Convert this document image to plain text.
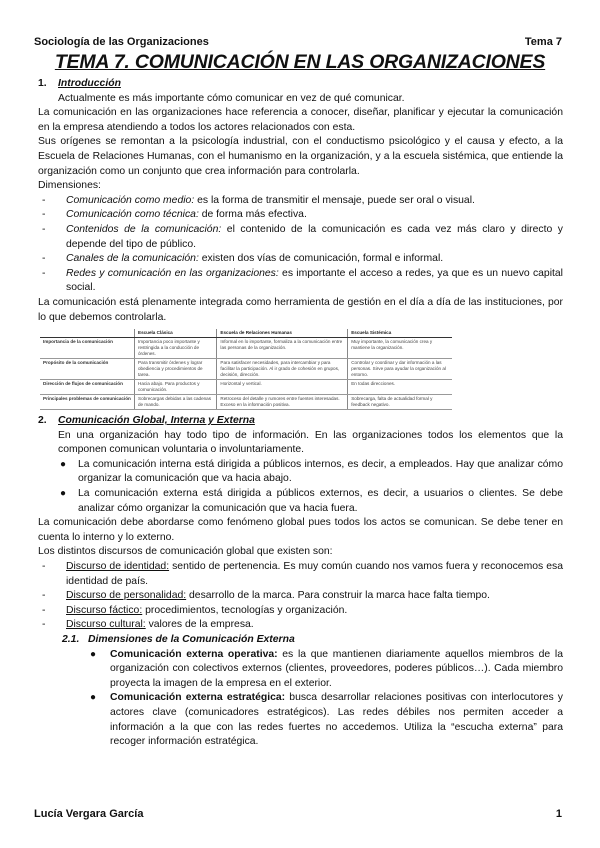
Sociología de las Organizaciones	Tema 7
TEMA 7. COMUNICACIÓN EN LAS ORGANIZACIONES
1. Introducción
Actualmente es más importante cómo comunicar en vez de qué comunicar.
La comunicación en las organizaciones hace referencia a conocer, diseñar, planificar y ejecutar la comunicación en la empresa atendiendo a todos los actores relacionados con esta.
Sus orígenes se remontan a la psicología industrial, con el conductismo psicológico y el causa y efecto, a la Escuela de Relaciones Humanas, con el humanismo en la organización, y a la escuela sistémica, que entiende la organización como un conjunto que crea información para controlarla.
Dimensiones:
- Comunicación como medio: es la forma de transmitir el mensaje, puede ser oral o visual.
- Comunicación como técnica: de forma más efectiva.
- Contenidos de la comunicación: el contenido de la comunicación es cada vez más claro y directo y depende del tipo de público.
- Canales de la comunicación: existen dos vías de comunicación, formal e informal.
- Redes y comunicación en las organizaciones: es importante el acceso a redes, ya que es un nuevo capital social.
La comunicación está plenamente integrada como herramienta de gestión en el día a día de las instituciones, por lo que debemos controlarla.
	Escuela Clásica	Escuela de Relaciones Humanas	Escuela Sistémica
Importancia de la comunicación	Importancia poco importante y restringida a la conducción de órdenes.	Informal en lo importante, formaliza a la comunicación entre las personas de la organización.	Muy importante, la comunicación crea y mantiene la organización.
Propósito de la comunicación	Para transmitir órdenes y lograr obediencia y procedimientos de tarea.	Para satisfacer necesidades, para intercambiar y para facilitar la participación. Al ir grado de cohesión en grupos, decisión, dirección.	Controlar y coordinar y dar información a las personas. Sirve para ayudar la organización al entorno.
Dirección de flujos de comunicación	Hacia abajo. Para productos y comunicación.	Horizontal y vertical.	En todas direcciones.
Principales problemas de comunicación	Sobrecargas debidas a las cadenas de mando.	Retroceso del detalle y rumores entre fuentes interesadas. Exceso en la información positiva.	Sobrecarga, falta de actualidad formal y feedback negativo.
2. Comunicación Global, Interna y Externa
En una organización hay todo tipo de información. En las organizaciones todos los elementos que la componen comunican voluntaria o involuntariamente.
● La comunicación interna está dirigida a públicos internos, es decir, a empleados. Hay que analizar cómo organizar la comunicación que va hacia abajo.
● La comunicación externa está dirigida a públicos externos, es decir, a usuarios o clientes. Se debe analizar cómo organizar la comunicación que va hacia fuera.
La comunicación debe abordarse como fenómeno global pues todos los actos se comunican. Se debe tener en cuenta lo interno y lo externo.
Los distintos discursos de comunicación global que existen son:
- Discurso de identidad: sentido de pertenencia. Es muy común cuando nos vamos fuera y reconocemos esa identidad de país.
- Discurso de personalidad: desarrollo de la marca. Para construir la marca hace falta tiempo.
- Discurso fáctico: procedimientos, tecnologías y organización.
- Discurso cultural: valores de la empresa.
2.1. Dimensiones de la Comunicación Externa
● Comunicación externa operativa: es la que mantienen diariamente aquellos miembros de la organización con colectivos externos (clientes, proveedores, poderes públicos…). Cada miembro proyecta la imagen de la empresa en el exterior.
● Comunicación externa estratégica: busca desarrollar relaciones positivas con interlocutores y actores clave (comunicadores estratégicos). Las redes débiles nos permiten acceder a información a la que con las redes fuertes no accedemos. Utiliza la “escucha externa” para recoger información estratégica.
Lucía Vergara García	1
